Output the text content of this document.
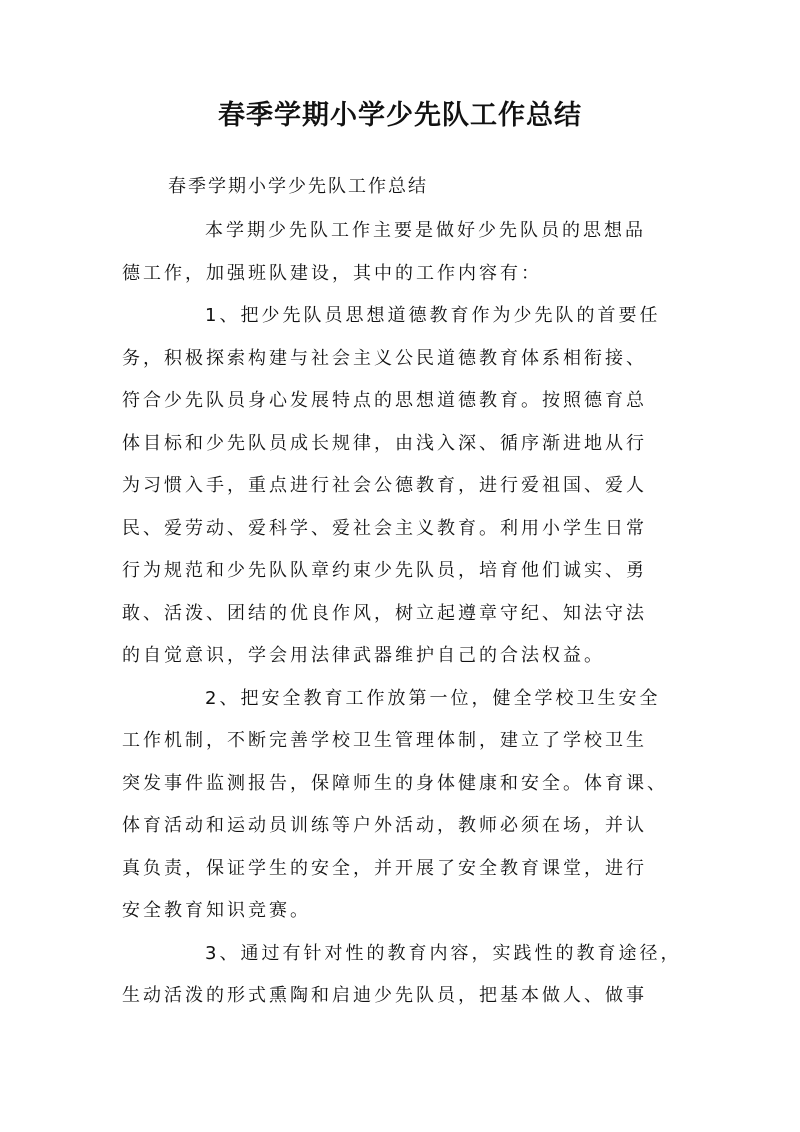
春季学期小学少先队工作总结
春季学期小学少先队工作总结
本学期少先队工作主要是做好少先队员的思想品
德工作，加强班队建设，其中的工作内容有：
1、把少先队员思想道德教育作为少先队的首要任
务，积极探索构建与社会主义公民道德教育体系相衔接、
符合少先队员身心发展特点的思想道德教育。按照德育总
体目标和少先队员成长规律，由浅入深、循序渐进地从行
为习惯入手，重点进行社会公德教育，进行爱祖国、爱人
民、爱劳动、爱科学、爱社会主义教育。利用小学生日常
行为规范和少先队队章约束少先队员，培育他们诚实、勇
敢、活泼、团结的优良作风，树立起遵章守纪、知法守法
的自觉意识，学会用法律武器维护自己的合法权益。
2、把安全教育工作放第一位，健全学校卫生安全
工作机制，不断完善学校卫生管理体制，建立了学校卫生
突发事件监测报告，保障师生的身体健康和安全。体育课、
体育活动和运动员训练等户外活动，教师必须在场，并认
真负责，保证学生的安全，并开展了安全教育课堂，进行
安全教育知识竞赛。
3、通过有针对性的教育内容，实践性的教育途径，
生动活泼的形式熏陶和启迪少先队员，把基本做人、做事
